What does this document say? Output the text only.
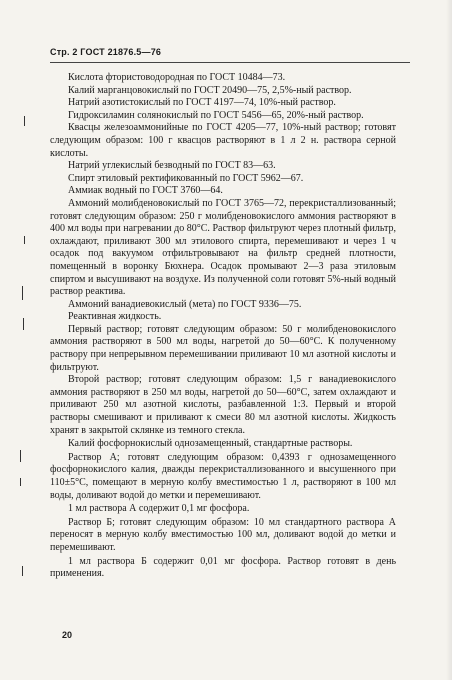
Стр. 2 ГОСТ 21876.5—76

Кислота фтористоводородная по ГОСТ 10484—73.

Калий марганцовокислый по ГОСТ 20490—75, 2,5%-ный раствор.

Натрий азотистокислый по ГОСТ 4197—74, 10%-ный раствор.

Гидроксиламин солянокислый по ГОСТ 5456—65, 20%-ный раствор.

Квасцы железоаммонийные по ГОСТ 4205—77, 10%-ный раствор; готовят следующим образом: 100 г квасцов растворяют в 1 л 2 н. раствора серной кислоты.

Натрий углекислый безводный по ГОСТ 83—63.

Спирт этиловый ректификованный по ГОСТ 5962—67.

Аммиак водный по ГОСТ 3760—64.

Аммоний молибденовокислый по ГОСТ 3765—72, перекристаллизованный; готовят следующим образом: 250 г молибденовокислого аммония растворяют в 400 мл воды при нагревании до 80°С. Раствор фильтруют через плотный фильтр, охлаждают, приливают 300 мл этилового спирта, перемешивают и через 1 ч осадок под вакуумом отфильтровывают на фильтр средней плотности, помещенный в воронку Бюхнера. Осадок промывают 2—3 раза этиловым спиртом и высушивают на воздухе. Из полученной соли готовят 5%-ный водный раствор реактива.

Аммоний ванадиевокислый (мета) по ГОСТ 9336—75.

Реактивная жидкость.

Первый раствор; готовят следующим образом: 50 г молибденовокислого аммония растворяют в 500 мл воды, нагретой до 50—60°С. К полученному раствору при непрерывном перемешивании приливают 10 мл азотной кислоты и фильтруют.

Второй раствор; готовят следующим образом: 1,5 г ванадиевокислого аммония растворяют в 250 мл воды, нагретой до 50—60°С, затем охлаждают и приливают 250 мл азотной кислоты, разбавленной 1:3. Первый и второй растворы смешивают и приливают к смеси 80 мл азотной кислоты. Жидкость хранят в закрытой склянке из темного стекла.

Калий фосфорнокислый однозамещенный, стандартные растворы.

Раствор А; готовят следующим образом: 0,4393 г однозамещенного фосфорнокислого калия, дважды перекристаллизованного и высушенного при 110±5°С, помещают в мерную колбу вместимостью 1 л, растворяют в 100 мл воды, доливают водой до метки и перемешивают.

1 мл раствора А содержит 0,1 мг фосфора.

Раствор Б; готовят следующим образом: 10 мл стандартного раствора А переносят в мерную колбу вместимостью 100 мл, доливают водой до метки и перемешивают.

1 мл раствора Б содержит 0,01 мг фосфора. Раствор готовят в день применения.

20
